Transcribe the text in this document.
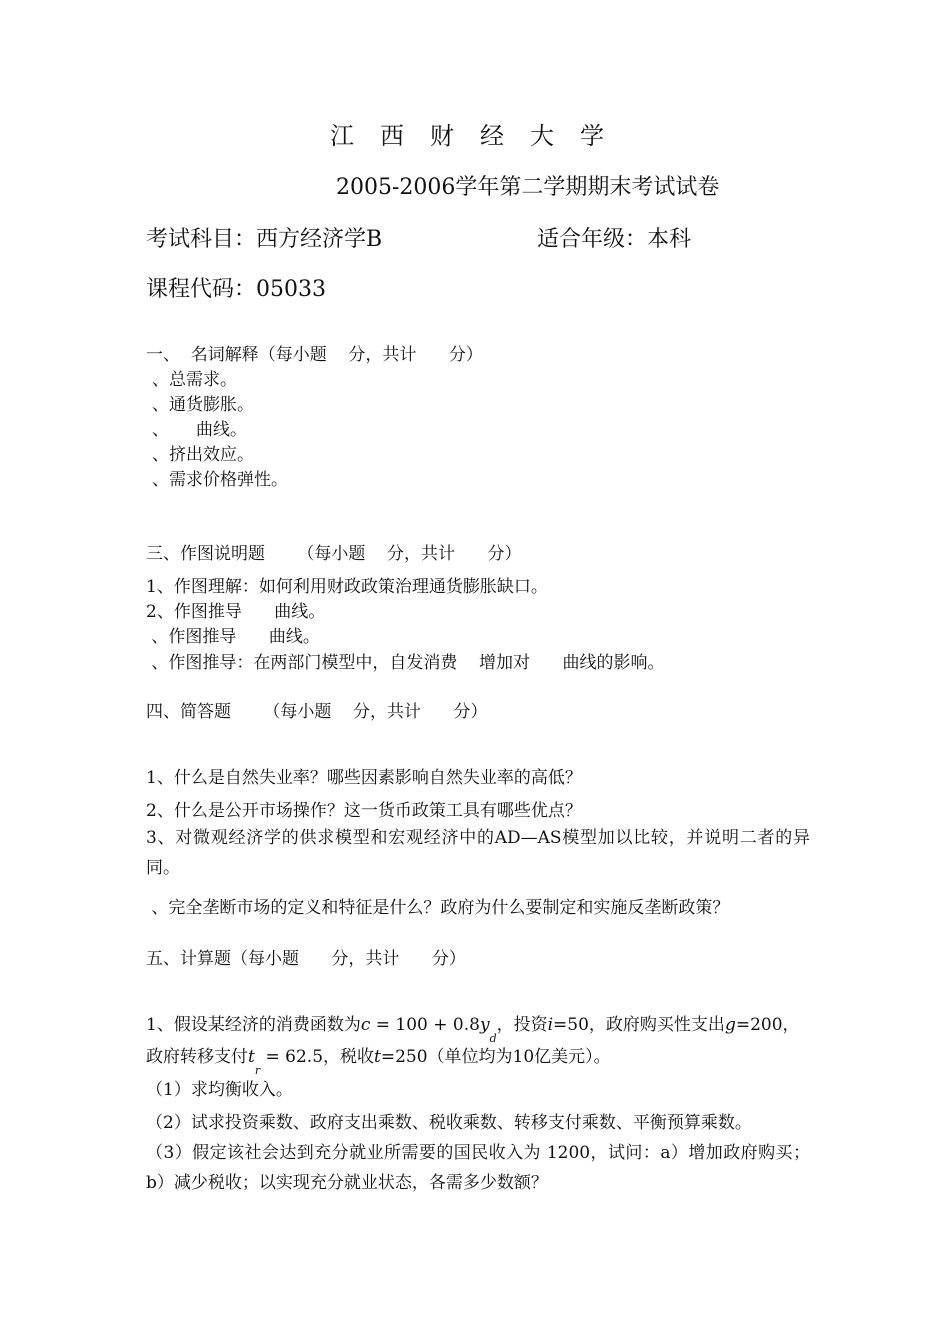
江西财经大学
2005-2006学年第二学期期末考试试卷
考试科目：西方经济学B	适合年级：本科
课程代码：05033
一、  名词解释（每小题    分，共计      分）
、总需求。
、通货膨胀。
、     曲线。
、挤出效应。
、需求价格弹性。
三、作图说明题      （每小题    分，共计      分）
1、作图理解：如何利用财政政策治理通货膨胀缺口。
2、作图推导      曲线。
、作图推导      曲线。
、作图推导：在两部门模型中，自发消费    增加对      曲线的影响。
四、简答题      （每小题    分，共计      分）
1、什么是自然失业率？哪些因素影响自然失业率的高低？
2、什么是公开市场操作？这一货币政策工具有哪些优点？
3、对微观经济学的供求模型和宏观经济中的AD—AS模型加以比较，并说明二者的异同。
、完全垄断市场的定义和特征是什么？政府为什么要制定和实施反垄断政策？
五、计算题（每小题      分，共计      分）
1、假设某经济的消费函数为$c = 100 + 0.8y_d$，投资i=50，政府购买性支出g=200，
政府转移支付$t_r = 62.5$，税收t=250（单位均为10亿美元）。
（1）求均衡收入。
（2）试求投资乘数、政府支出乘数、税收乘数、转移支付乘数、平衡预算乘数。
（3）假定该社会达到充分就业所需要的国民收入为 1200，试问：a）增加政府购买；b）减少税收；以实现充分就业状态，各需多少数额？
